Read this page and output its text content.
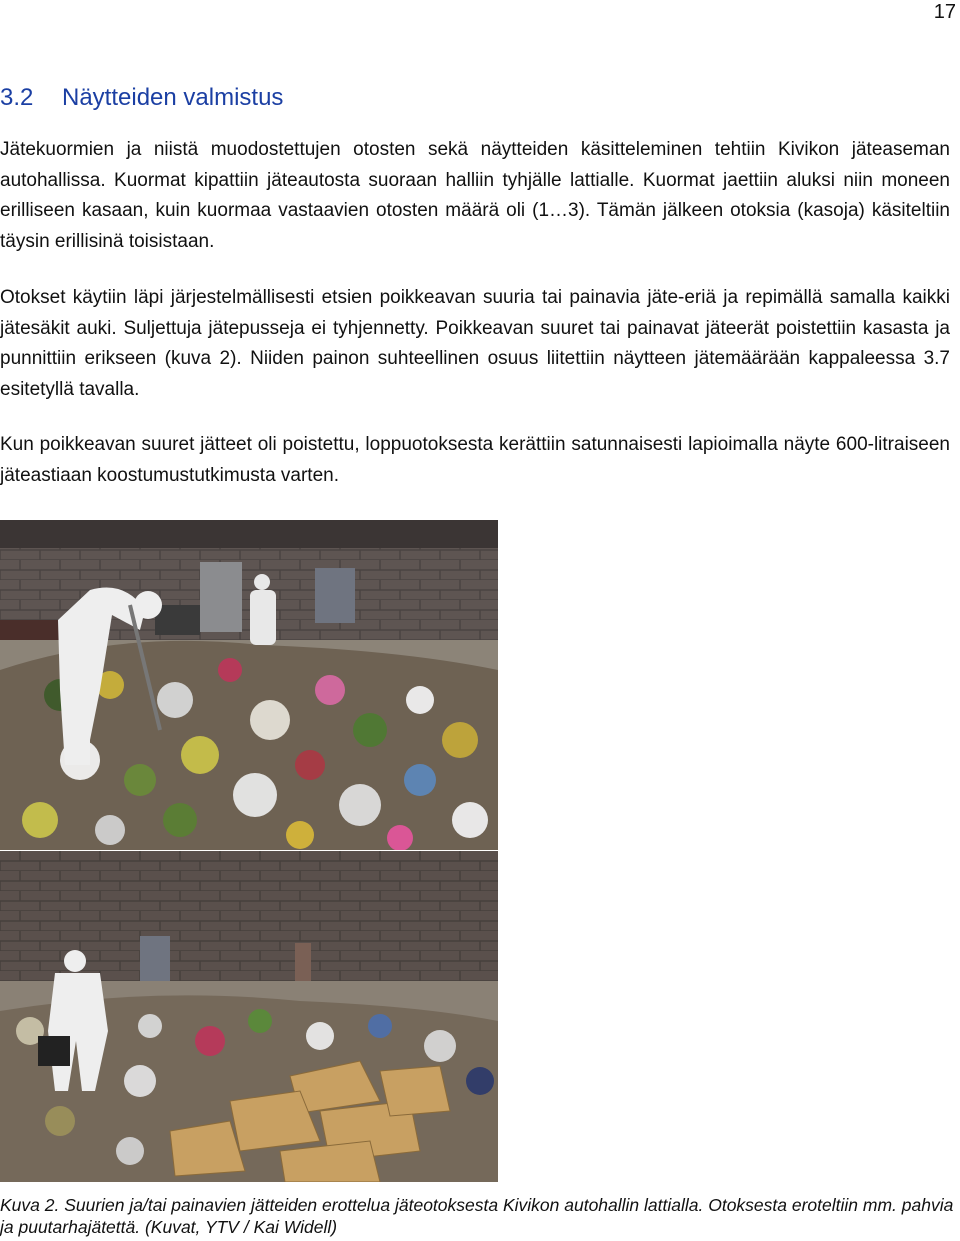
17
3.2 Näytteiden valmistus

Jätekuormien ja niistä muodostettujen otosten sekä näytteiden käsitteleminen tehtiin Kivikon jäteaseman autohallissa. Kuormat kipattiin jäteautosta suoraan halliin tyhjälle lattialle. Kuormat jaettiin aluksi niin moneen erilliseen kasaan, kuin kuormaa vastaavien otosten määrä oli (1…3). Tämän jälkeen otoksia (kasoja) käsiteltiin täysin erillisinä toisistaan.

Otokset käytiin läpi järjestelmällisesti etsien poikkeavan suuria tai painavia jäte-eriä ja repimällä samalla kaikki jätesäkit auki. Suljettuja jätepusseja ei tyhjennetty. Poikkeavan suuret tai painavat jäteerät poistettiin kasasta ja punnittiin erikseen (kuva 2). Niiden painon suhteellinen osuus liitettiin näytteen jätemäärään kappaleessa 3.7 esitetyllä tavalla.

Kun poikkeavan suuret jätteet oli poistettu, loppuotoksesta kerättiin satunnaisesti lapioimalla näyte 600-litraiseen jäteastiaan koostumustutkimusta varten.

Kuva 2. Suurien ja/tai painavien jätteiden erottelua jäteotoksesta Kivikon autohallin lattialla. Otoksesta eroteltiin mm. pahvia ja puutarhajätettä. (Kuvat, YTV / Kai Widell)
